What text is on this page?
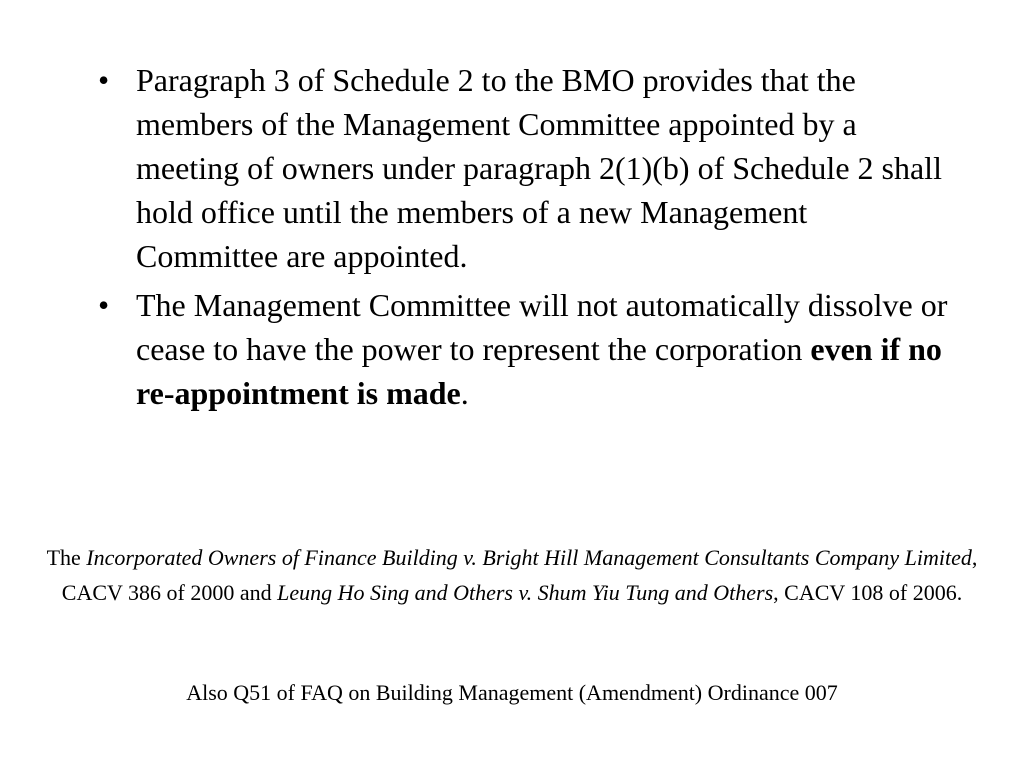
• Paragraph 3 of Schedule 2 to the BMO provides that the members of the Management Committee appointed by a meeting of owners under paragraph 2(1)(b) of Schedule 2 shall hold office until the members of a new Management Committee are appointed.
• The Management Committee will not automatically dissolve or cease to have the power to represent the corporation even if no re-appointment is made.
The Incorporated Owners of Finance Building v. Bright Hill Management Consultants Company Limited, CACV 386 of 2000 and Leung Ho Sing and Others v. Shum Yiu Tung and Others, CACV 108 of 2006.
Also Q51 of FAQ on Building Management (Amendment) Ordinance 007
